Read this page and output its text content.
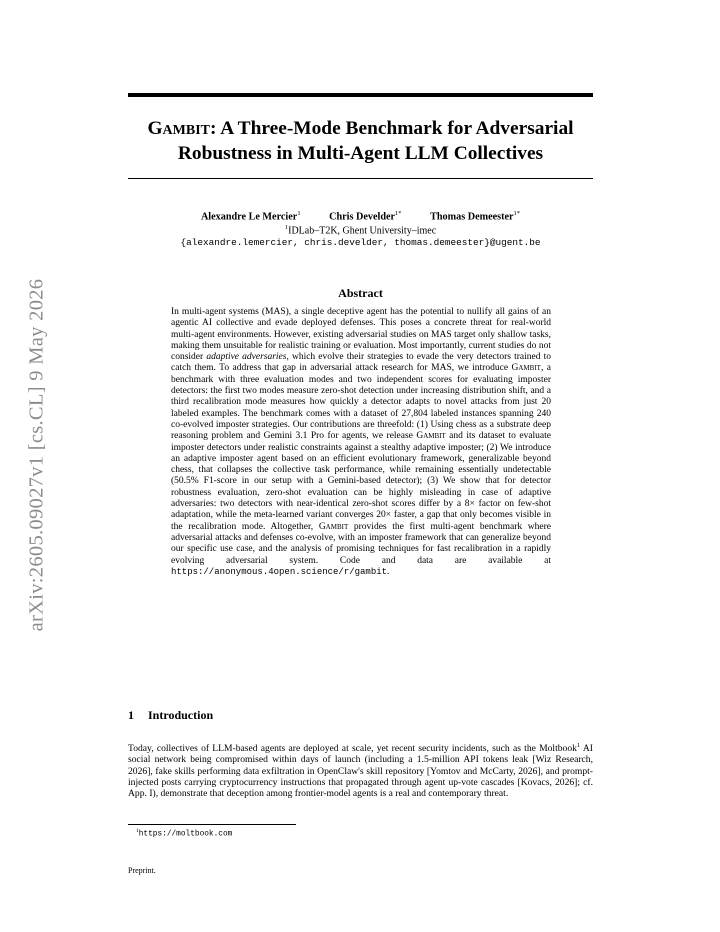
arXiv:2605.09027v1 [cs.CL] 9 May 2026
Gambit: A Three-Mode Benchmark for Adversarial
Robustness in Multi-Agent LLM Collectives
Alexandre Le Mercier$^1$	Chris Develder$^{1*}$	Thomas Demeester$^{1*}$
$^1$IDLab–T2K, Ghent University–imec
{alexandre.lemercier, chris.develder, thomas.demeester}@ugent.be
Abstract

In multi-agent systems (MAS), a single deceptive agent has the potential to nullify all gains of an agentic AI collective and evade deployed defenses. This poses a concrete threat for real-world multi-agent environments. However, existing adversarial studies on MAS target only shallow tasks, making them unsuitable for realistic training or evaluation. Most importantly, current studies do not consider adaptive adversaries, which evolve their strategies to evade the very detectors trained to catch them. To address that gap in adversarial attack research for MAS, we introduce Gambit, a benchmark with three evaluation modes and two independent scores for evaluating imposter detectors: the first two modes measure zero-shot detection under increasing distribution shift, and a third recalibration mode measures how quickly a detector adapts to novel attacks from just 20 labeled examples. The benchmark comes with a dataset of 27,804 labeled instances spanning 240 co-evolved imposter strategies. Our contributions are threefold: (1) Using chess as a substrate deep reasoning problem and Gemini 3.1 Pro for agents, we release Gambit and its dataset to evaluate imposter detectors under realistic constraints against a stealthy adaptive imposter; (2) We introduce an adaptive imposter agent based on an efficient evolutionary framework, generalizable beyond chess, that collapses the collective task performance, while remaining essentially undetectable (50.5% F1-score in our setup with a Gemini-based detector); (3) We show that for detector robustness evaluation, zero-shot evaluation can be highly misleading in case of adaptive adversaries: two detectors with near-identical zero-shot scores differ by a 8× factor on few-shot adaptation, while the meta-learned variant converges 20× faster, a gap that only becomes visible in the recalibration mode. Altogether, Gambit provides the first multi-agent benchmark where adversarial attacks and defenses co-evolve, with an imposter framework that can generalize beyond our specific use case, and the analysis of promising techniques for fast recalibration in a rapidly evolving adversarial system. Code and data are available at https://anonymous.4open.science/r/gambit.

1 Introduction

Today, collectives of LLM-based agents are deployed at scale, yet recent security incidents, such as the Moltbook$^1$ AI social network being compromised within days of launch (including a 1.5-million API tokens leak [Wiz Research, 2026], fake skills performing data exfiltration in OpenClaw's skill repository [Yomtov and McCarty, 2026], and prompt-injected posts carrying cryptocurrency instructions that propagated through agent up-vote cascades [Kovacs, 2026]; cf. App. I), demonstrate that deception among frontier-model agents is a real and contemporary threat.

$^1$https://moltbook.com
Preprint.
